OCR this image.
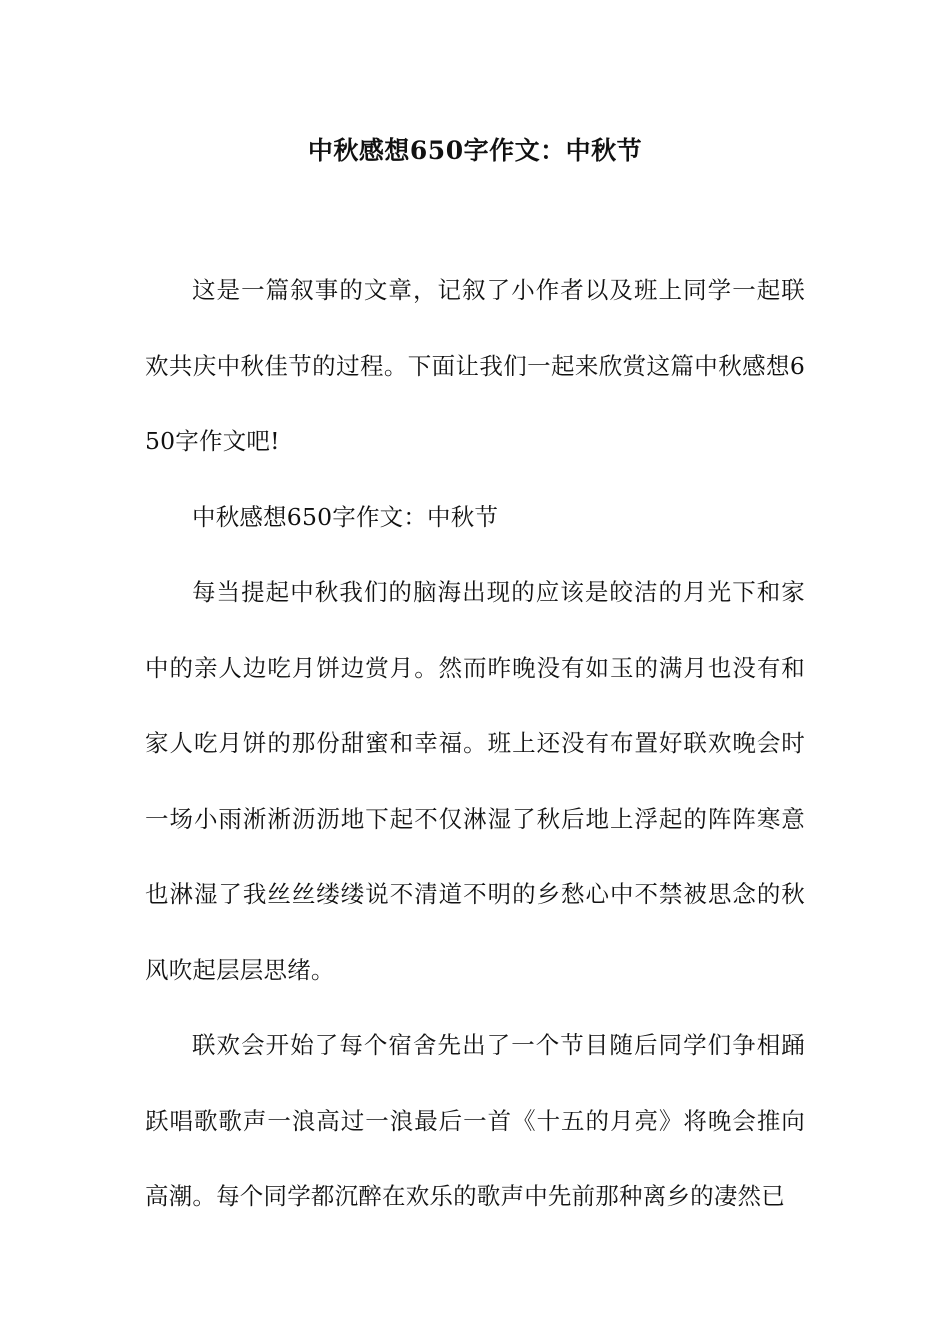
中秋感想650字作文：中秋节

这是一篇叙事的文章，记叙了小作者以及班上同学一起联欢共庆中秋佳节的过程。下面让我们一起来欣赏这篇中秋感想650字作文吧!

中秋感想650字作文：中秋节

每当提起中秋我们的脑海出现的应该是皎洁的月光下和家中的亲人边吃月饼边赏月。然而昨晚没有如玉的满月也没有和家人吃月饼的那份甜蜜和幸福。班上还没有布置好联欢晚会时一场小雨淅淅沥沥地下起不仅淋湿了秋后地上浮起的阵阵寒意也淋湿了我丝丝缕缕说不清道不明的乡愁心中不禁被思念的秋风吹起层层思绪。

联欢会开始了每个宿舍先出了一个节目随后同学们争相踊跃唱歌歌声一浪高过一浪最后一首《十五的月亮》将晚会推向高潮。每个同学都沉醉在欢乐的歌声中先前那种离乡的凄然已
